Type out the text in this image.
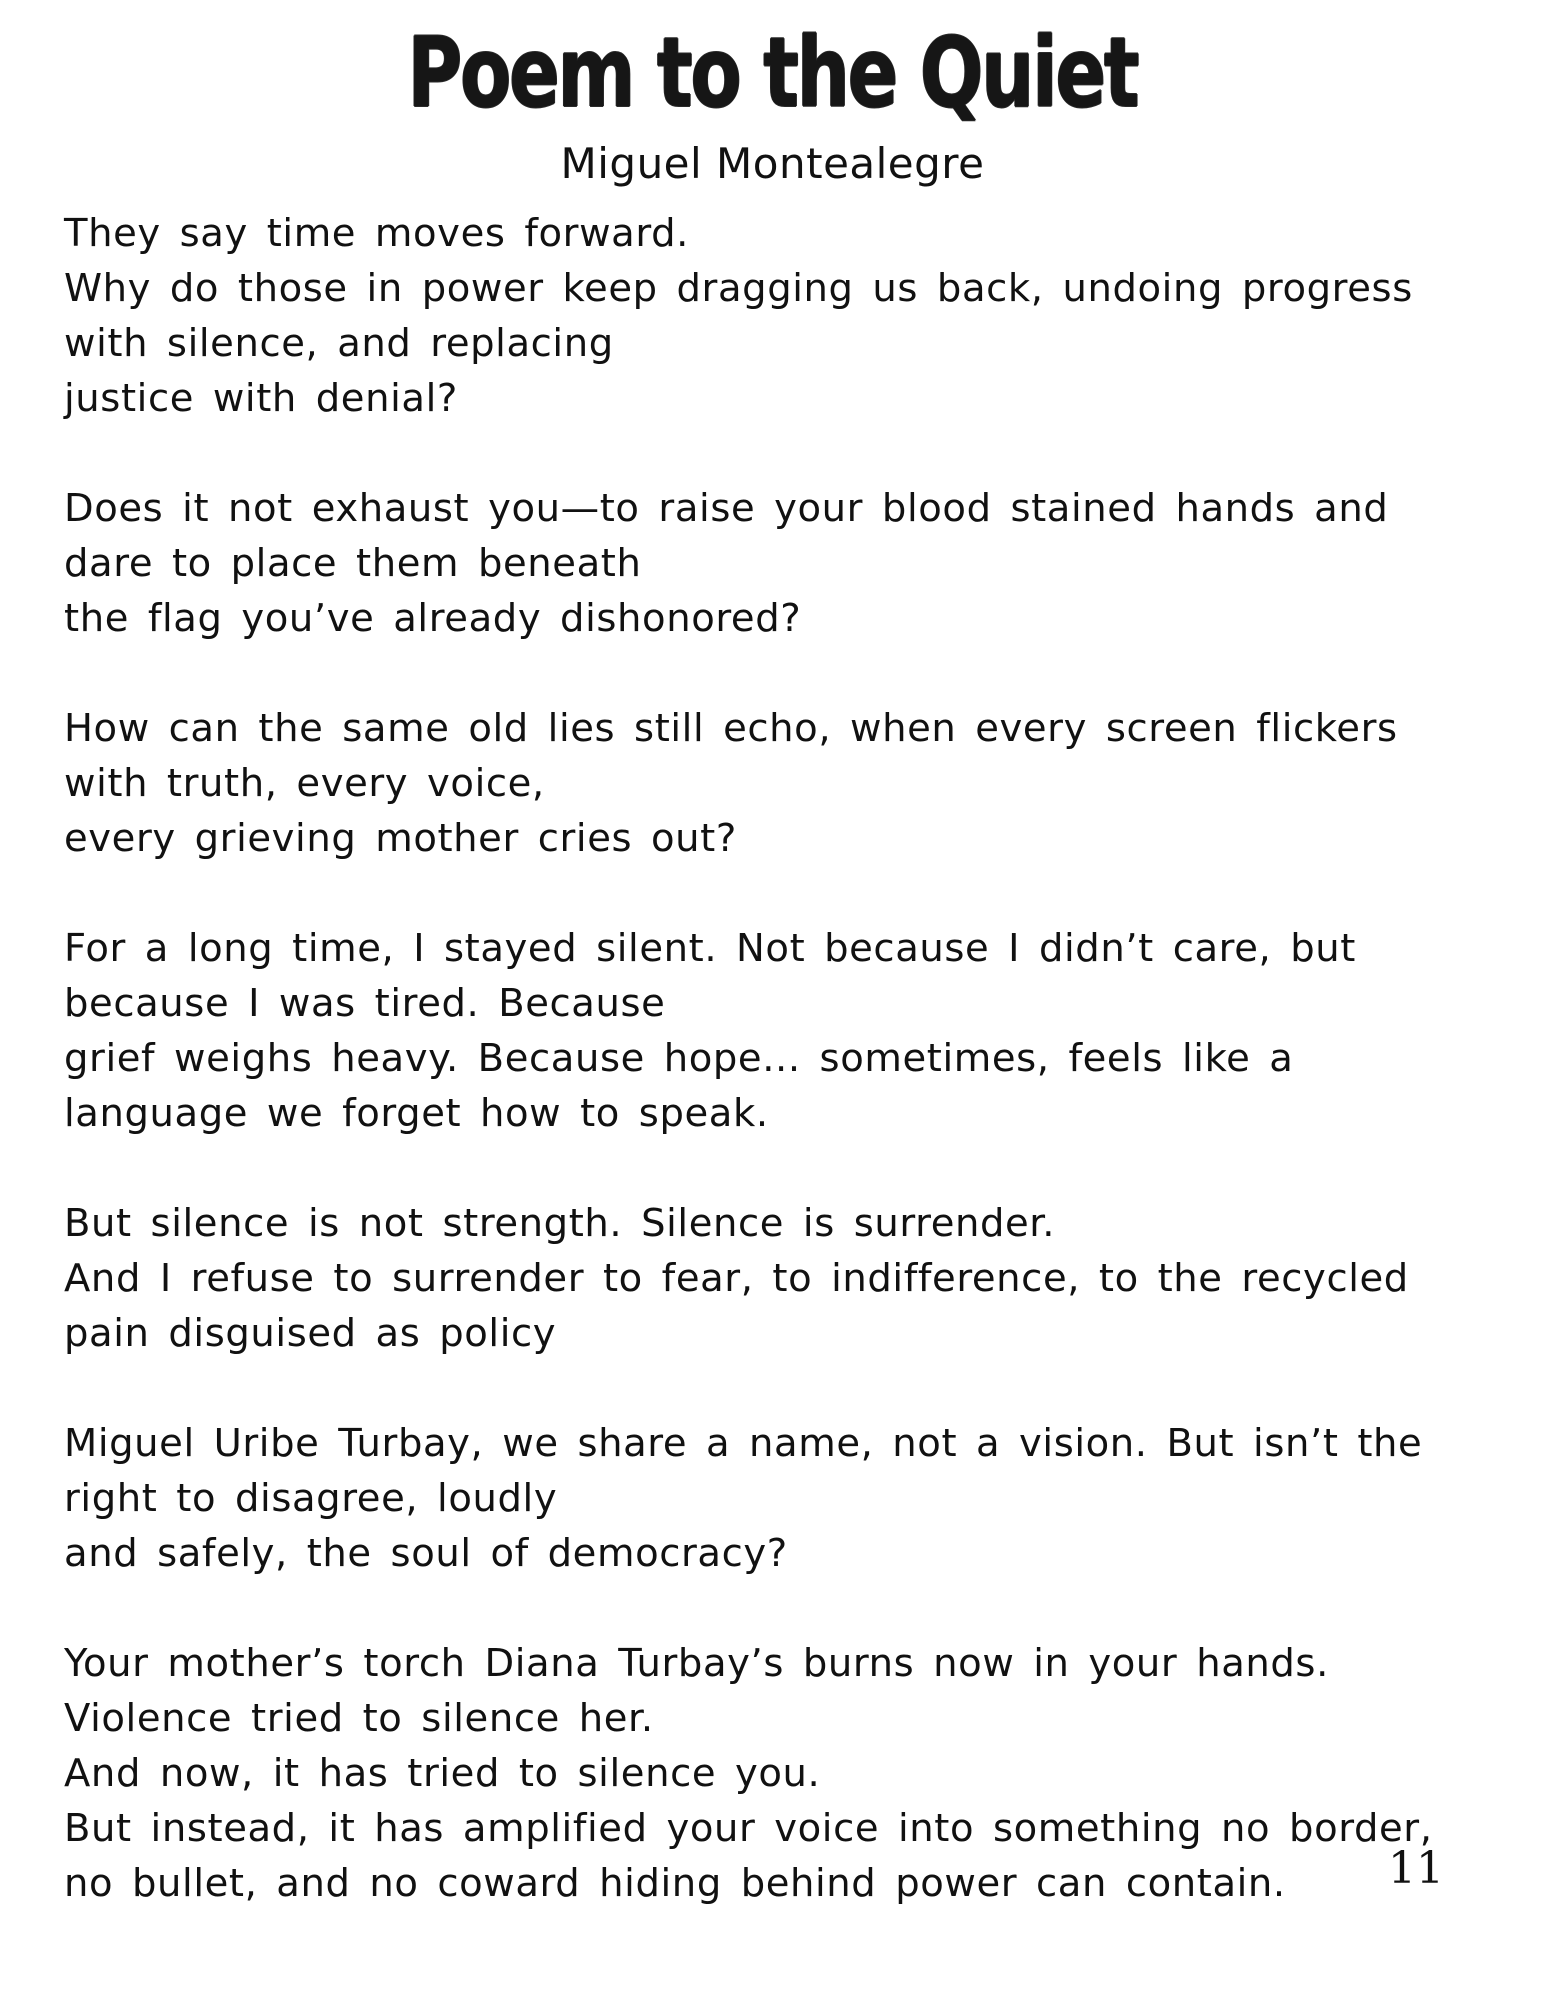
Poem to the Quiet
Miguel Montealegre
They say time moves forward.
Why do those in power keep dragging us back, undoing progress
with silence, and replacing
justice with denial?
Does it not exhaust you—to raise your blood stained hands and
dare to place them beneath
the flag you’ve already dishonored?
How can the same old lies still echo, when every screen flickers
with truth, every voice,
every grieving mother cries out?
For a long time, I stayed silent. Not because I didn’t care, but
because I was tired. Because
grief weighs heavy. Because hope... sometimes, feels like a
language we forget how to speak.
But silence is not strength. Silence is surrender.
And I refuse to surrender to fear, to indifference, to the recycled
pain disguised as policy
Miguel Uribe Turbay, we share a name, not a vision. But isn’t the
right to disagree, loudly
and safely, the soul of democracy?
Your mother’s torch Diana Turbay’s burns now in your hands.
Violence tried to silence her.
And now, it has tried to silence you.
But instead, it has amplified your voice into something no border,
no bullet, and no coward hiding behind power can contain.	11
